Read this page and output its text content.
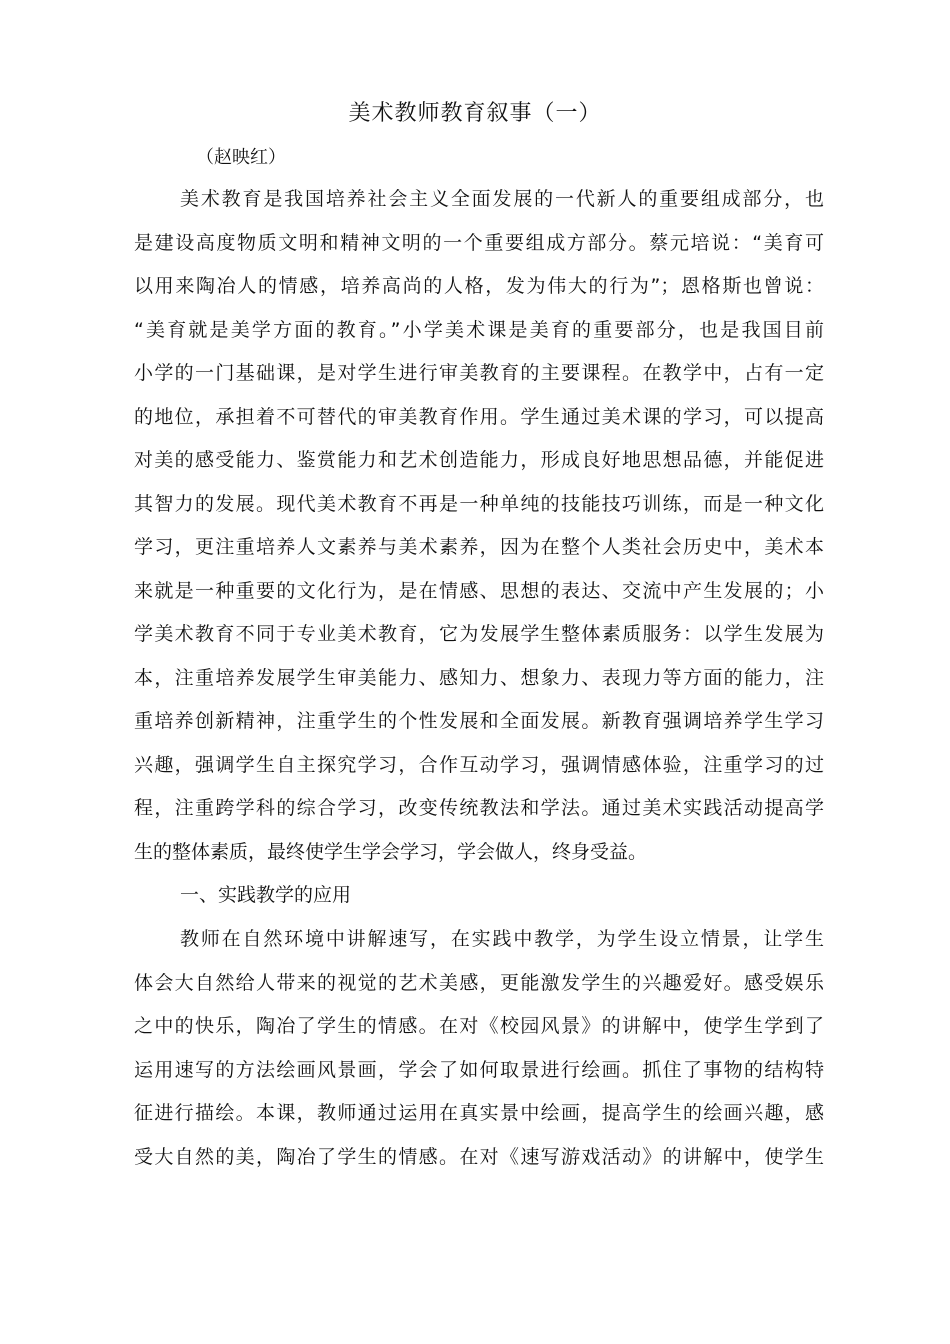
美术教师教育叙事（一）
（赵映红）
美术教育是我国培养社会主义全面发展的一代新人的重要组成部分，也
是建设高度物质文明和精神文明的一个重要组成方部分。蔡元培说：“美育可
以用来陶冶人的情感，培养高尚的人格，发为伟大的行为”；恩格斯也曾说：
“美育就是美学方面的教育。”小学美术课是美育的重要部分，也是我国目前
小学的一门基础课，是对学生进行审美教育的主要课程。在教学中，占有一定
的地位，承担着不可替代的审美教育作用。学生通过美术课的学习，可以提高
对美的感受能力、鉴赏能力和艺术创造能力，形成良好地思想品德，并能促进
其智力的发展。现代美术教育不再是一种单纯的技能技巧训练，而是一种文化
学习，更注重培养人文素养与美术素养，因为在整个人类社会历史中，美术本
来就是一种重要的文化行为，是在情感、思想的表达、交流中产生发展的；小
学美术教育不同于专业美术教育，它为发展学生整体素质服务：以学生发展为
本，注重培养发展学生审美能力、感知力、想象力、表现力等方面的能力，注
重培养创新精神，注重学生的个性发展和全面发展。新教育强调培养学生学习
兴趣，强调学生自主探究学习，合作互动学习，强调情感体验，注重学习的过
程，注重跨学科的综合学习，改变传统教法和学法。通过美术实践活动提高学
生的整体素质，最终使学生学会学习，学会做人，终身受益。
一、实践教学的应用
教师在自然环境中讲解速写，在实践中教学，为学生设立情景，让学生
体会大自然给人带来的视觉的艺术美感，更能激发学生的兴趣爱好。感受娱乐
之中的快乐，陶冶了学生的情感。在对《校园风景》的讲解中，使学生学到了
运用速写的方法绘画风景画，学会了如何取景进行绘画。抓住了事物的结构特
征进行描绘。本课，教师通过运用在真实景中绘画，提高学生的绘画兴趣，感
受大自然的美，陶冶了学生的情感。在对《速写游戏活动》的讲解中，使学生
